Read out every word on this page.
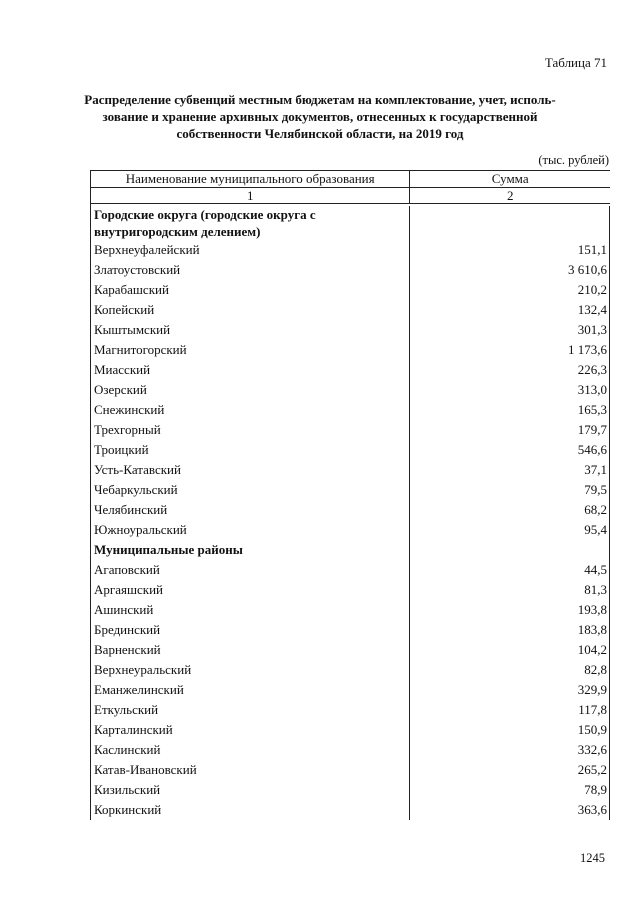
Таблица 71
Распределение субвенций местным бюджетам на комплектование, учет, исполь-зование и хранение архивных документов, отнесенных к государственной собственности Челябинской области, на 2019 год
(тыс. рублей)
Наименование муниципального образования	Сумма
1	2
Городские округа (городские округа с внутригородским делением)
Верхнеуфалейский	151,1
Златоустовский	3 610,6
Карабашский	210,2
Копейский	132,4
Кыштымский	301,3
Магнитогорский	1 173,6
Миасский	226,3
Озерский	313,0
Снежинский	165,3
Трехгорный	179,7
Троицкий	546,6
Усть-Катавский	37,1
Чебаркульский	79,5
Челябинский	68,2
Южноуральский	95,4
Муниципальные районы
Агаповский	44,5
Аргаяшский	81,3
Ашинский	193,8
Брединский	183,8
Варненский	104,2
Верхнеуральский	82,8
Еманжелинский	329,9
Еткульский	117,8
Карталинский	150,9
Каслинский	332,6
Катав-Ивановский	265,2
Кизильский	78,9
Коркинский	363,6
1245
